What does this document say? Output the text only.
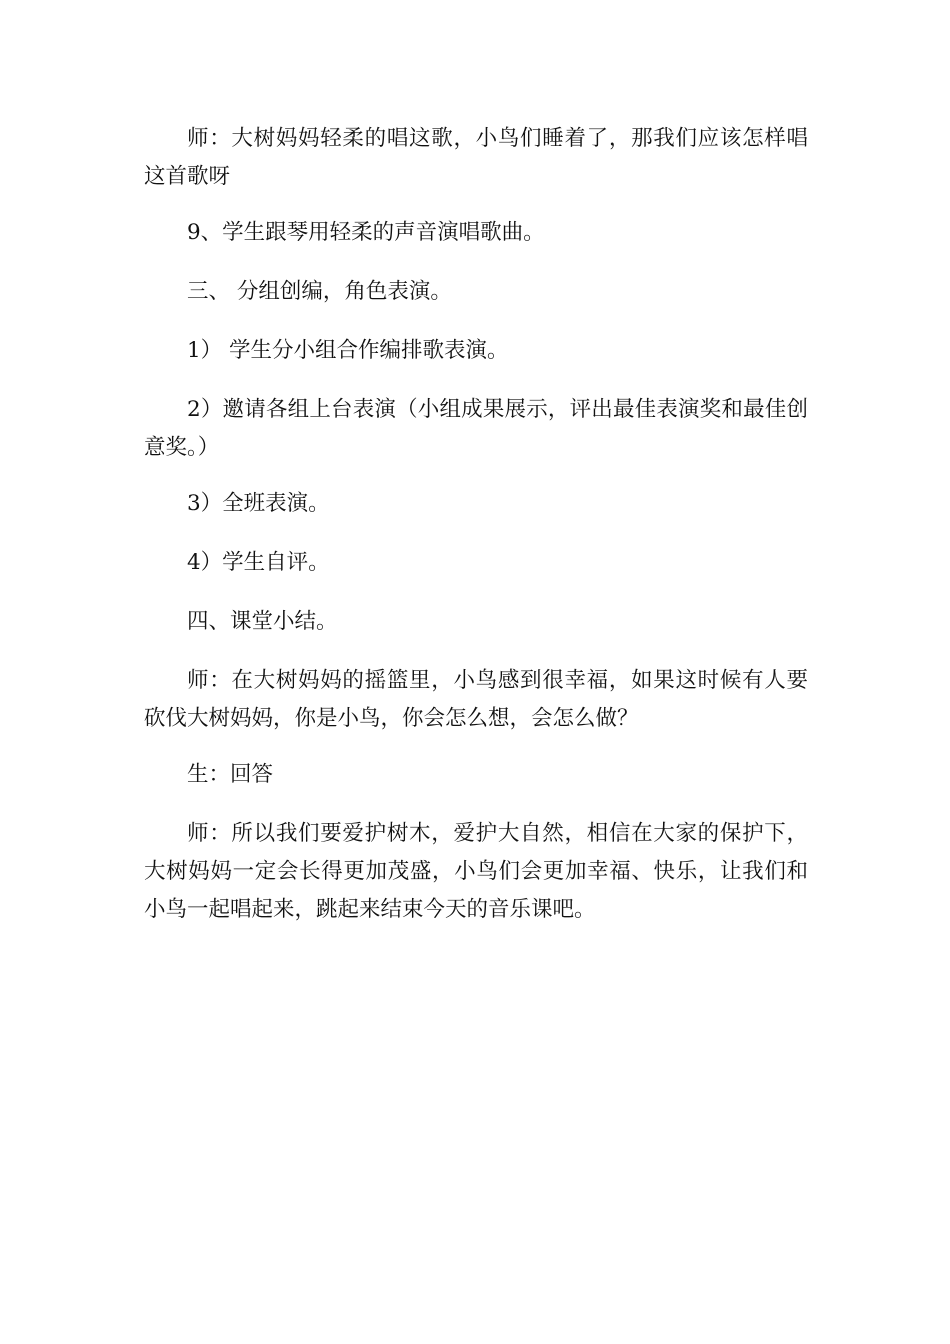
师：大树妈妈轻柔的唱这歌，小鸟们睡着了，那我们应该怎样唱这首歌呀

9、学生跟琴用轻柔的声音演唱歌曲。

三、 分组创编，角色表演。

1） 学生分小组合作编排歌表演。

2）邀请各组上台表演（小组成果展示，评出最佳表演奖和最佳创意奖。）

3）全班表演。

4）学生自评。

四、课堂小结。

师：在大树妈妈的摇篮里，小鸟感到很幸福，如果这时候有人要砍伐大树妈妈，你是小鸟，你会怎么想，会怎么做？

生：回答

师：所以我们要爱护树木，爱护大自然，相信在大家的保护下，大树妈妈一定会长得更加茂盛，小鸟们会更加幸福、快乐，让我们和小鸟一起唱起来，跳起来结束今天的音乐课吧。
